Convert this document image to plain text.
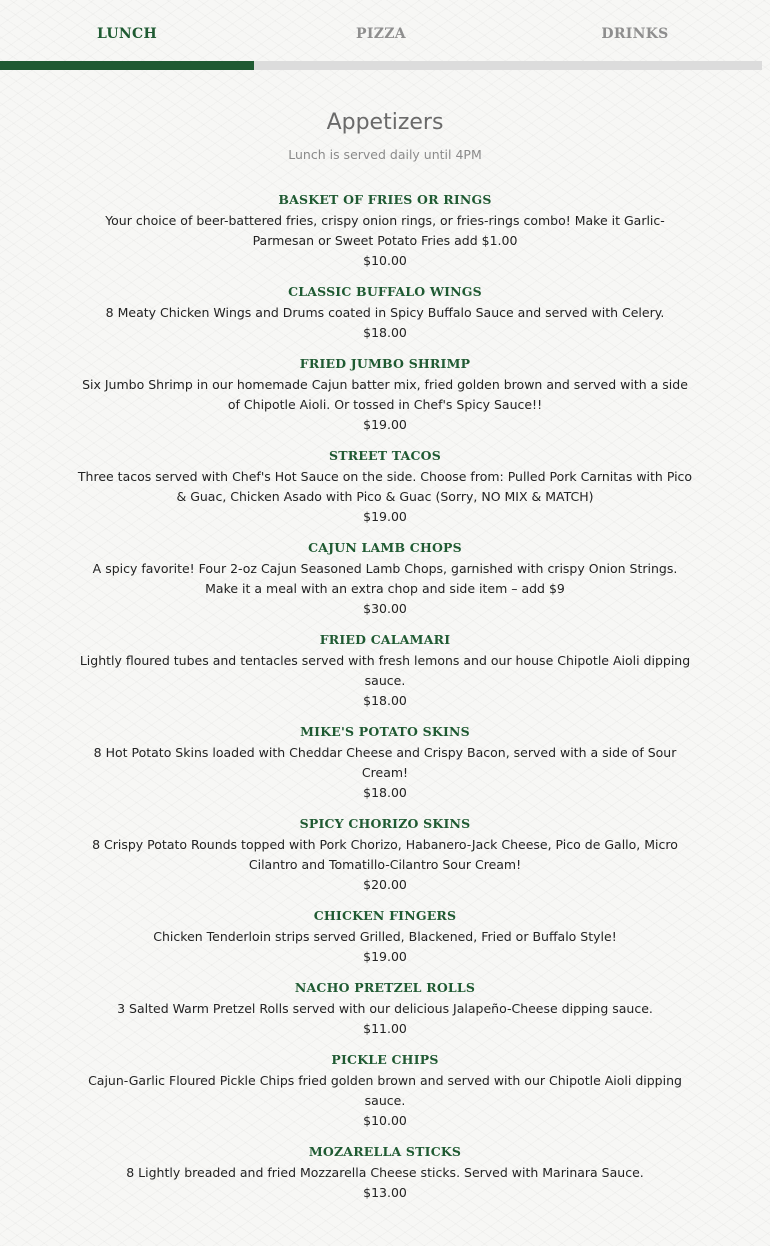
LUNCH	PIZZA	DRINKS
Appetizers
Lunch is served daily until 4PM
BASKET OF FRIES OR RINGS
Your choice of beer-battered fries, crispy onion rings, or fries-rings combo! Make it Garlic-Parmesan or Sweet Potato Fries add $1.00
$10.00
CLASSIC BUFFALO WINGS
8 Meaty Chicken Wings and Drums coated in Spicy Buffalo Sauce and served with Celery.
$18.00
FRIED JUMBO SHRIMP
Six Jumbo Shrimp in our homemade Cajun batter mix, fried golden brown and served with a side of Chipotle Aioli. Or tossed in Chef's Spicy Sauce!!
$19.00
STREET TACOS
Three tacos served with Chef's Hot Sauce on the side. Choose from: Pulled Pork Carnitas with Pico & Guac, Chicken Asado with Pico & Guac (Sorry, NO MIX & MATCH)
$19.00
CAJUN LAMB CHOPS
A spicy favorite! Four 2-oz Cajun Seasoned Lamb Chops, garnished with crispy Onion Strings. Make it a meal with an extra chop and side item – add $9
$30.00
FRIED CALAMARI
Lightly floured tubes and tentacles served with fresh lemons and our house Chipotle Aioli dipping sauce.
$18.00
MIKE'S POTATO SKINS
8 Hot Potato Skins loaded with Cheddar Cheese and Crispy Bacon, served with a side of Sour Cream!
$18.00
SPICY CHORIZO SKINS
8 Crispy Potato Rounds topped with Pork Chorizo, Habanero-Jack Cheese, Pico de Gallo, Micro Cilantro and Tomatillo-Cilantro Sour Cream!
$20.00
CHICKEN FINGERS
Chicken Tenderloin strips served Grilled, Blackened, Fried or Buffalo Style!
$19.00
NACHO PRETZEL ROLLS
3 Salted Warm Pretzel Rolls served with our delicious Jalapeño-Cheese dipping sauce.
$11.00
PICKLE CHIPS
Cajun-Garlic Floured Pickle Chips fried golden brown and served with our Chipotle Aioli dipping sauce.
$10.00
MOZARELLA STICKS
8 Lightly breaded and fried Mozzarella Cheese sticks. Served with Marinara Sauce.
$13.00
